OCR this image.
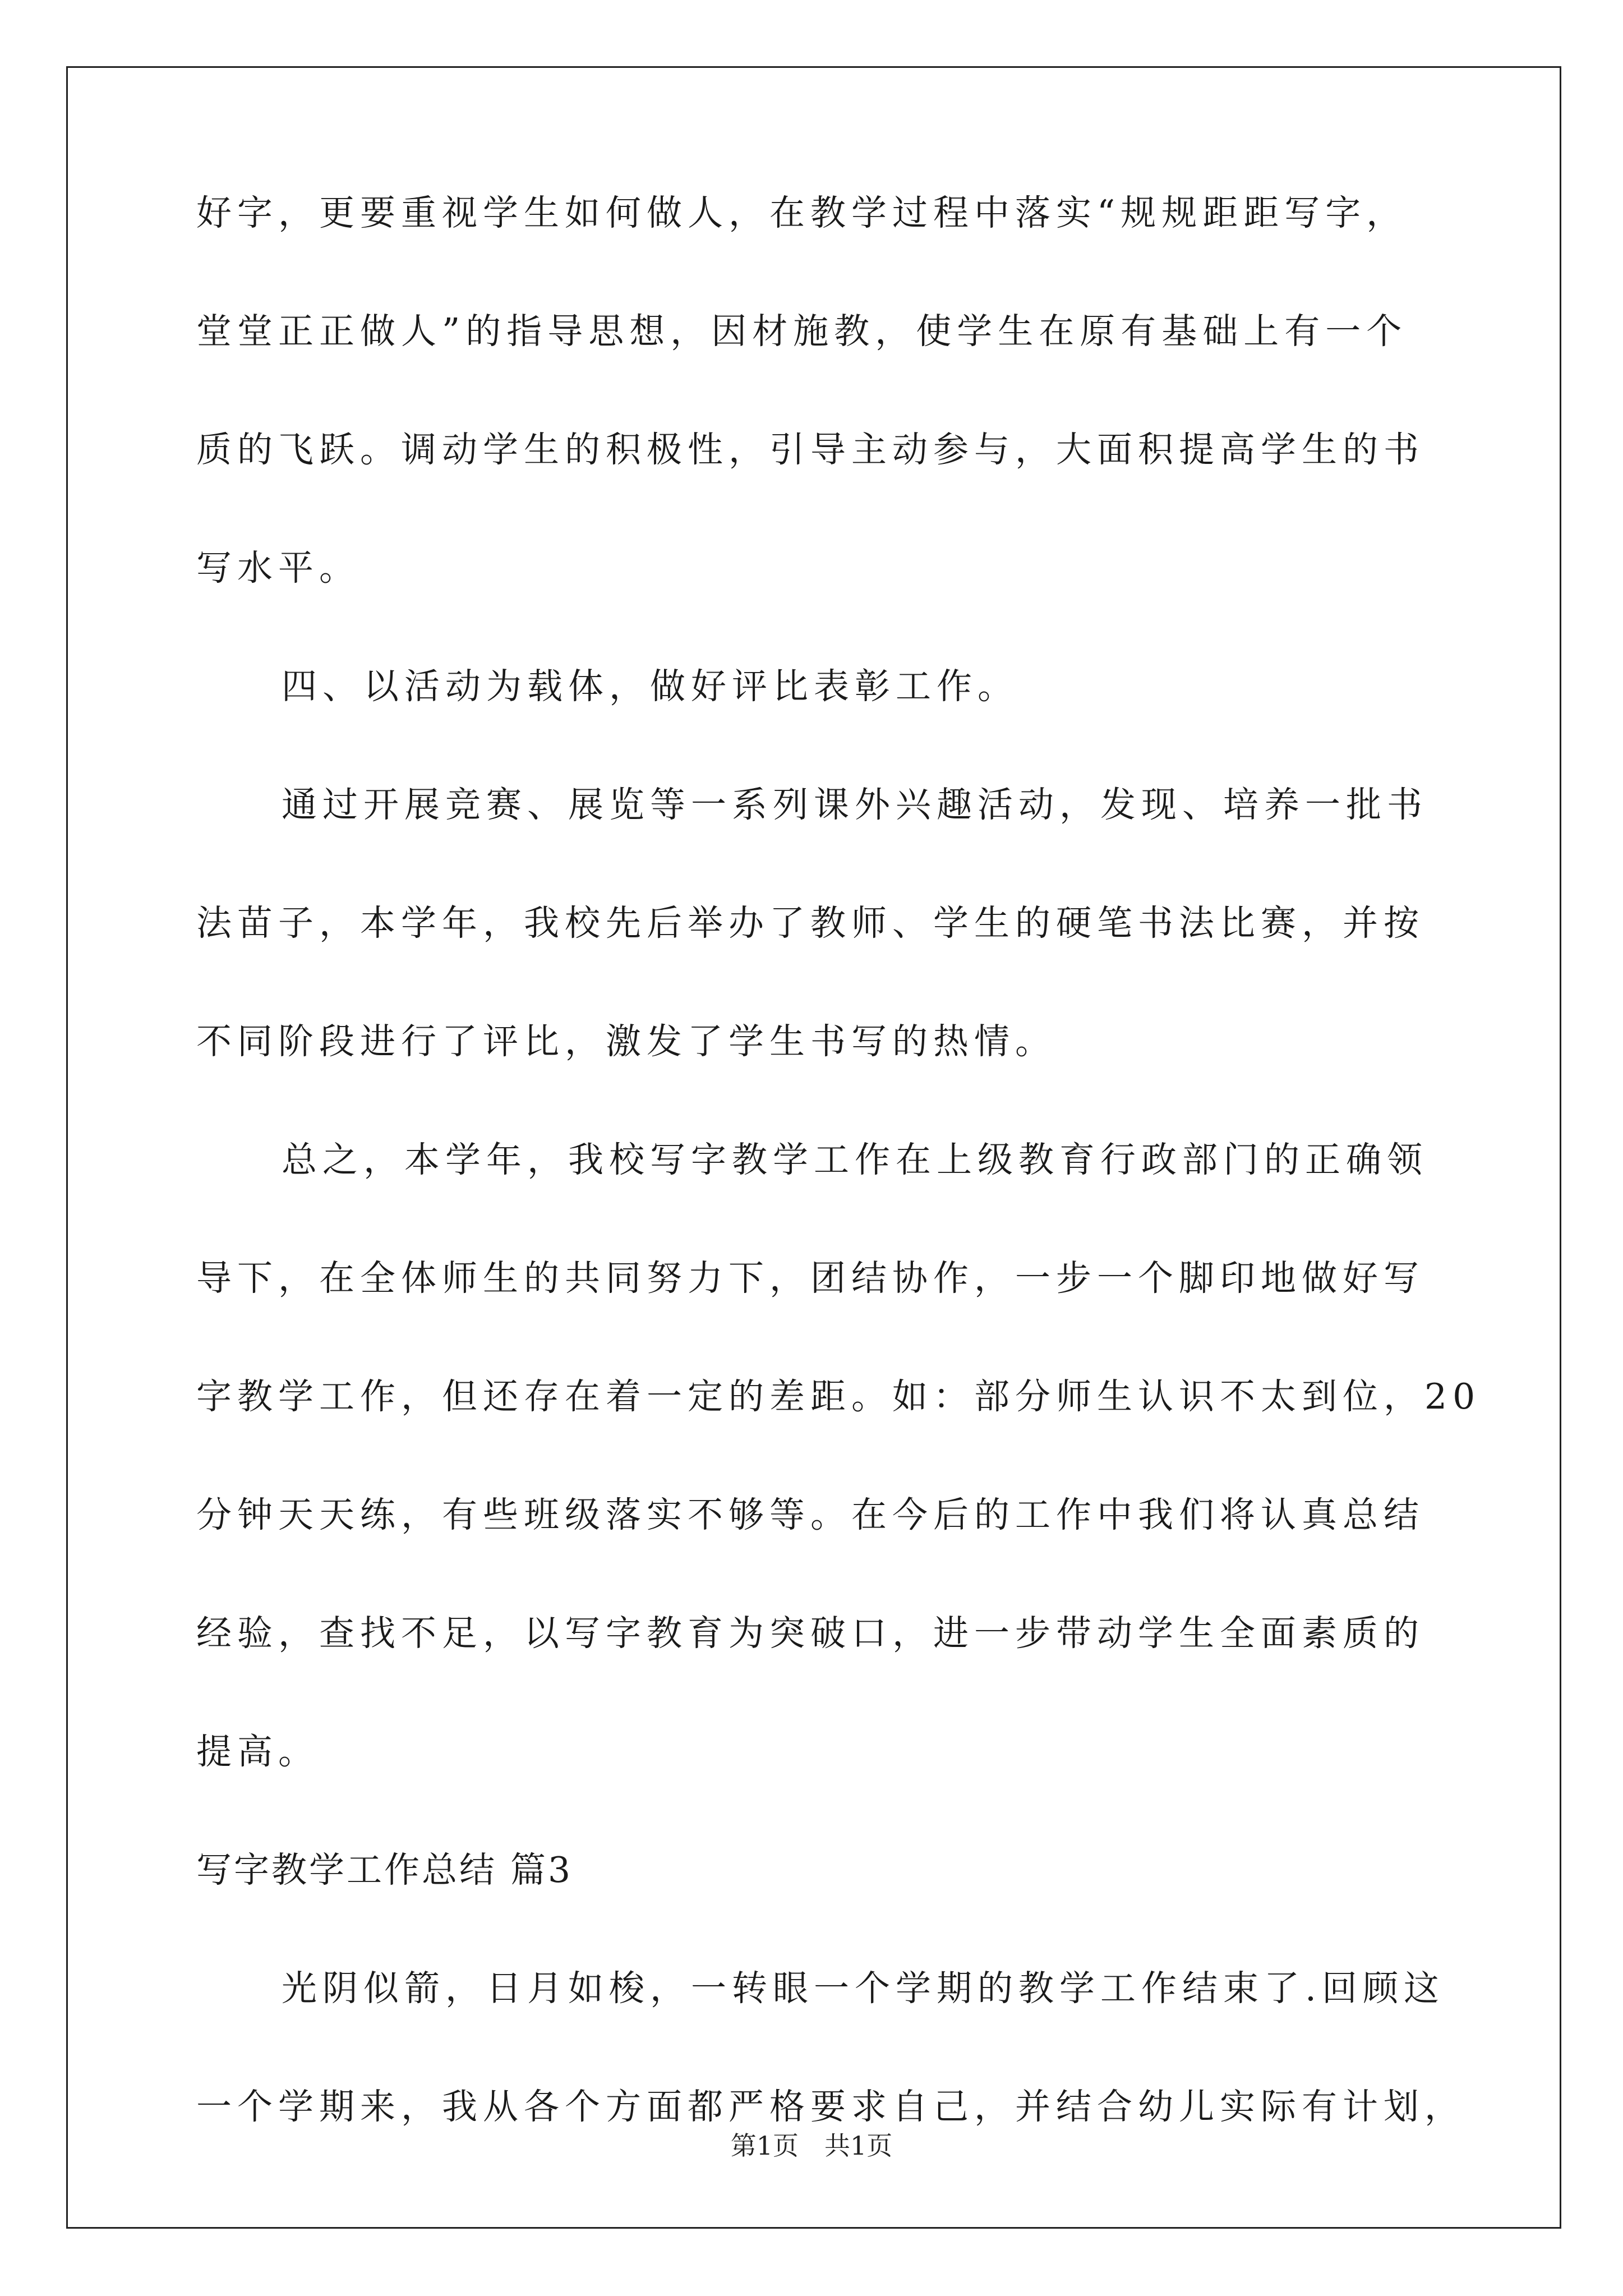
好字，更要重视学生如何做人，在教学过程中落实“规规距距写字，
堂堂正正做人”的指导思想，因材施教，使学生在原有基础上有一个
质的飞跃。调动学生的积极性，引导主动参与，大面积提高学生的书
写水平。
四、以活动为载体，做好评比表彰工作。
通过开展竞赛、展览等一系列课外兴趣活动，发现、培养一批书
法苗子，本学年，我校先后举办了教师、学生的硬笔书法比赛，并按
不同阶段进行了评比，激发了学生书写的热情。
总之，本学年，我校写字教学工作在上级教育行政部门的正确领
导下，在全体师生的共同努力下，团结协作，一步一个脚印地做好写
字教学工作，但还存在着一定的差距。如：部分师生认识不太到位，20
分钟天天练，有些班级落实不够等。在今后的工作中我们将认真总结
经验，查找不足，以写字教育为突破口，进一步带动学生全面素质的
提高。
写字教学工作总结 篇3
光阴似箭，日月如梭，一转眼一个学期的教学工作结束了.回顾这
一个学期来，我从各个方面都严格要求自己，并结合幼儿实际有计划，
第1页　共1页
